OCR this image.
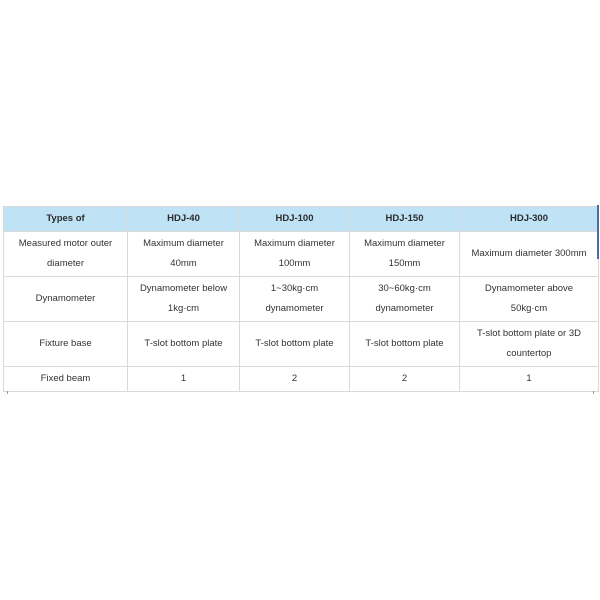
Types of	HDJ-40	HDJ-100	HDJ-150	HDJ-300
Measured motor outer diameter	Maximum diameter 40mm	Maximum diameter 100mm	Maximum diameter 150mm	Maximum diameter 300mm
Dynamometer	Dynamometer below 1kg·cm	1~30kg·cm dynamometer	30~60kg·cm dynamometer	Dynamometer above 50kg·cm
Fixture base	T-slot bottom plate	T-slot bottom plate	T-slot bottom plate	T-slot bottom plate or 3D countertop
Fixed beam	1	2	2	1
